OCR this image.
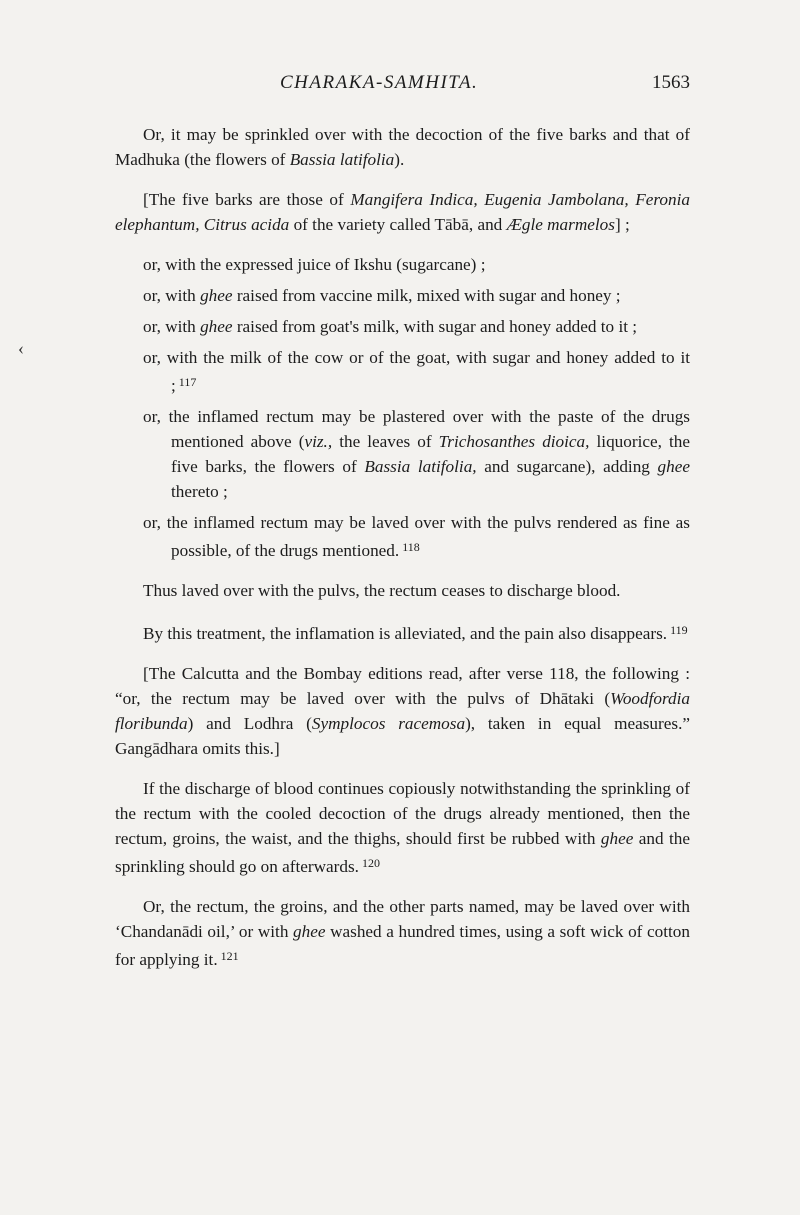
CHARAKA-SAMHITA.	1563
‹

Or, it may be sprinkled over with the decoction of the five barks and that of Madhuka (the flowers of Bassia latifolia).

[The five barks are those of Mangifera Indica, Eugenia Jambolana, Feronia elephantum, Citrus acida of the variety called Tābā, and Ægle marmelos] ;

or, with the expressed juice of Ikshu (sugarcane) ;

or, with ghee raised from vaccine milk, mixed with sugar and honey ;

or, with ghee raised from goat's milk, with sugar and honey added to it ;

or, with the milk of the cow or of the goat, with sugar and honey added to it ; $^{117}$

or, the inflamed rectum may be plastered over with the paste of the drugs mentioned above (viz., the leaves of Trichosanthes dioica, liquorice, the five barks, the flowers of Bassia latifolia, and sugarcane), adding ghee thereto ;

or, the inflamed rectum may be laved over with the pulvs rendered as fine as possible, of the drugs mentioned. $^{118}$

Thus laved over with the pulvs, the rectum ceases to discharge blood.

By this treatment, the inflamation is alleviated, and the pain also disappears. $^{119}$

[The Calcutta and the Bombay editions read, after verse 118, the following : “or, the rectum may be laved over with the pulvs of Dhātaki (Woodfordia floribunda) and Lodhra (Symplocos racemosa), taken in equal measures.” Gangādhara omits this.]

If the discharge of blood continues copiously notwithstanding the sprinkling of the rectum with the cooled decoction of the drugs already mentioned, then the rectum, groins, the waist, and the thighs, should first be rubbed with ghee and the sprinkling should go on afterwards. $^{120}$

Or, the rectum, the groins, and the other parts named, may be laved over with ‘Chandanādi oil,’ or with ghee washed a hundred times, using a soft wick of cotton for applying it. $^{121}$
